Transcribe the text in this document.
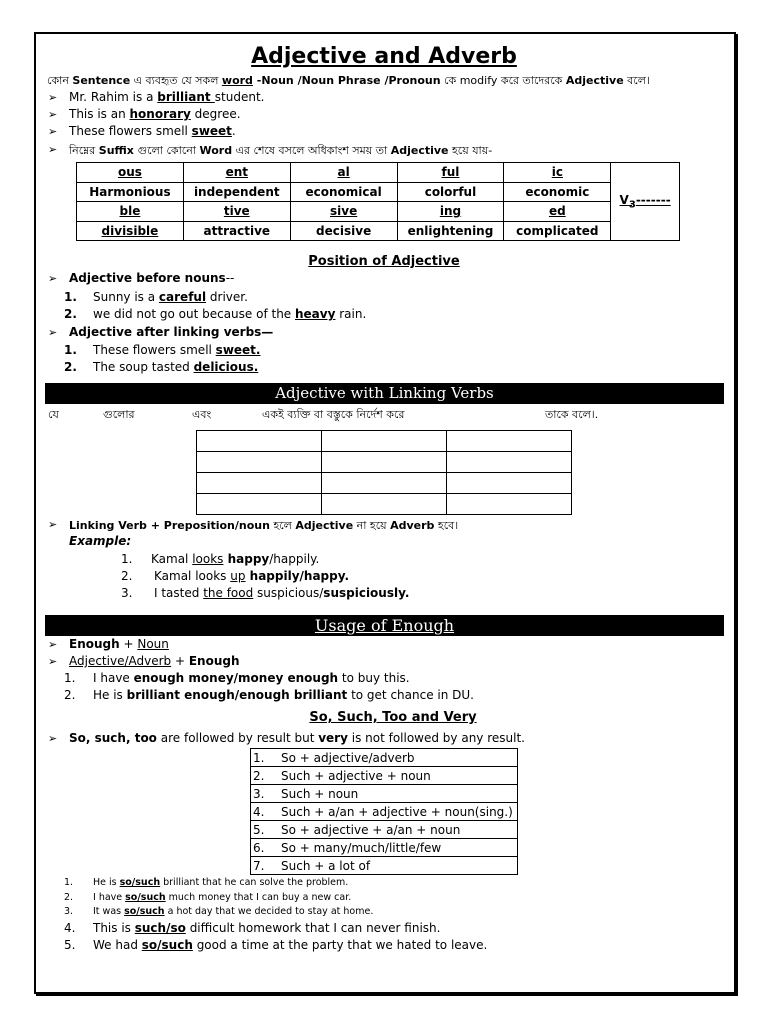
Adjective and Adverb
কোন Sentence এ ব্যবহৃত যে সকল word -Noun /Noun Phrase /Pronoun কে modify করে তাদেরকে Adjective বলে।
➢ Mr. Rahim is a brilliant student.
➢ This is an honorary degree.
➢ These flowers smell sweet.
➢ নিম্নের Suffix গুলো কোনো Word এর শেষে বসলে অধিকাংশ সময় তা Adjective হয়ে যায়-
ous	ent	al	ful	ic	$V_3-------$
Harmonious	independent	economical	colorful	economic	
ble	tive	sive	ing	ed	
divisible	attractive	decisive	enlightening	complicated	
Position of Adjective
➢ Adjective before nouns--
1. Sunny is a careful driver.
2. we did not go out because of the heavy rain.
➢ Adjective after linking verbs—
1. These flowers smell sweet.
2. The soup tasted delicious.
Adjective with Linking Verbs
যে	গুলোর	এবং	একই ব্যক্তি বা বস্তুকে নির্দেশ করে	তাকে বলে।.

➢ Linking Verb + Preposition/noun হলে Adjective না হয়ে Adverb হবে।
Example:
1. Kamal looks happy/happily.
2. Kamal looks up happily/happy.
3. I tasted the food suspicious/suspiciously.
Usage of Enough
➢ Enough + Noun
➢ Adjective/Adverb + Enough
1. I have enough money/money enough to buy this.
2. He is brilliant enough/enough brilliant to get chance in DU.
So, Such, Too and Very
➢ So, such, too are followed by result but very is not followed by any result.
1. So + adjective/adverb
2. Such + adjective + noun
3. Such + noun
4. Such + a/an + adjective + noun(sing.)
5. So + adjective + a/an + noun
6. So + many/much/little/few
7. Such + a lot of
1. He is so/such brilliant that he can solve the problem.
2. I have so/such much money that I can buy a new car.
3. It was so/such a hot day that we decided to stay at home.
4. This is such/so difficult homework that I can never finish.
5. We had so/such good a time at the party that we hated to leave.
